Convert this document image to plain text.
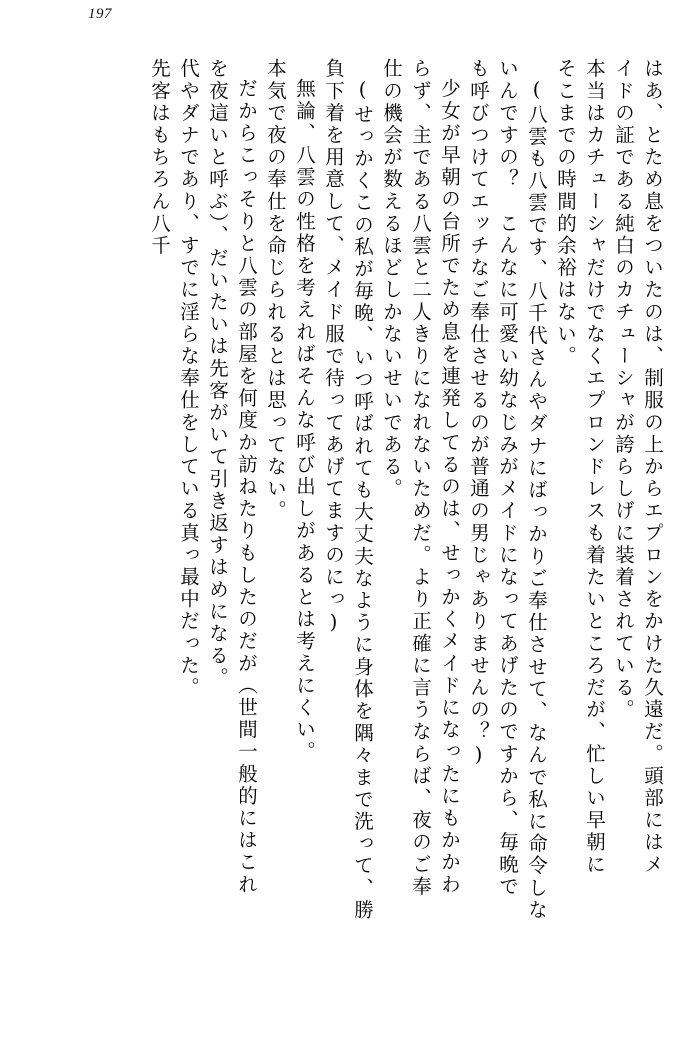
197
はあ、とため息をついたのは、制服の上からエプロンをかけた久遠だ。頭部にはメ
イドの証である純白のカチューシャが誇らしげに装着されている。
本当はカチューシャだけでなくエプロンドレスも着たいところだが、忙しい早朝に
そこまでの時間的余裕はない。
(八雲も八雲です、八千代さんやダナにばっかりご奉仕させて、なんで私に命令しな
いんですの？　こんなに可愛い幼なじみがメイドになってあげたのですから、毎晩で
も呼びつけてエッチなご奉仕させるのが普通の男じゃありませんの？)
少女が早朝の台所でため息を連発してるのは、せっかくメイドになったにもかかわ
らず、主である八雲と二人きりになれないためだ。より正確に言うならば、夜のご奉
仕の機会が数えるほどしかないせいである。
(せっかくこの私が毎晩、いつ呼ばれても大丈夫なように身体を隅々まで洗って、勝
負下着を用意して、メイド服で待ってあげてますのにっ)
無論、八雲の性格を考えればそんな呼び出しがあるとは考えにくい。
本気で夜の奉仕を命じられるとは思ってない。
だからこっそりと八雲の部屋を何度か訪ねたりもしたのだが（世間一般的にはこれ
を夜這いと呼ぶ）、だいたいは先客がいて引き返すはめになる。
代やダナであり、すでに淫らな奉仕をしている真っ最中だった。
先客はもちろん八千
